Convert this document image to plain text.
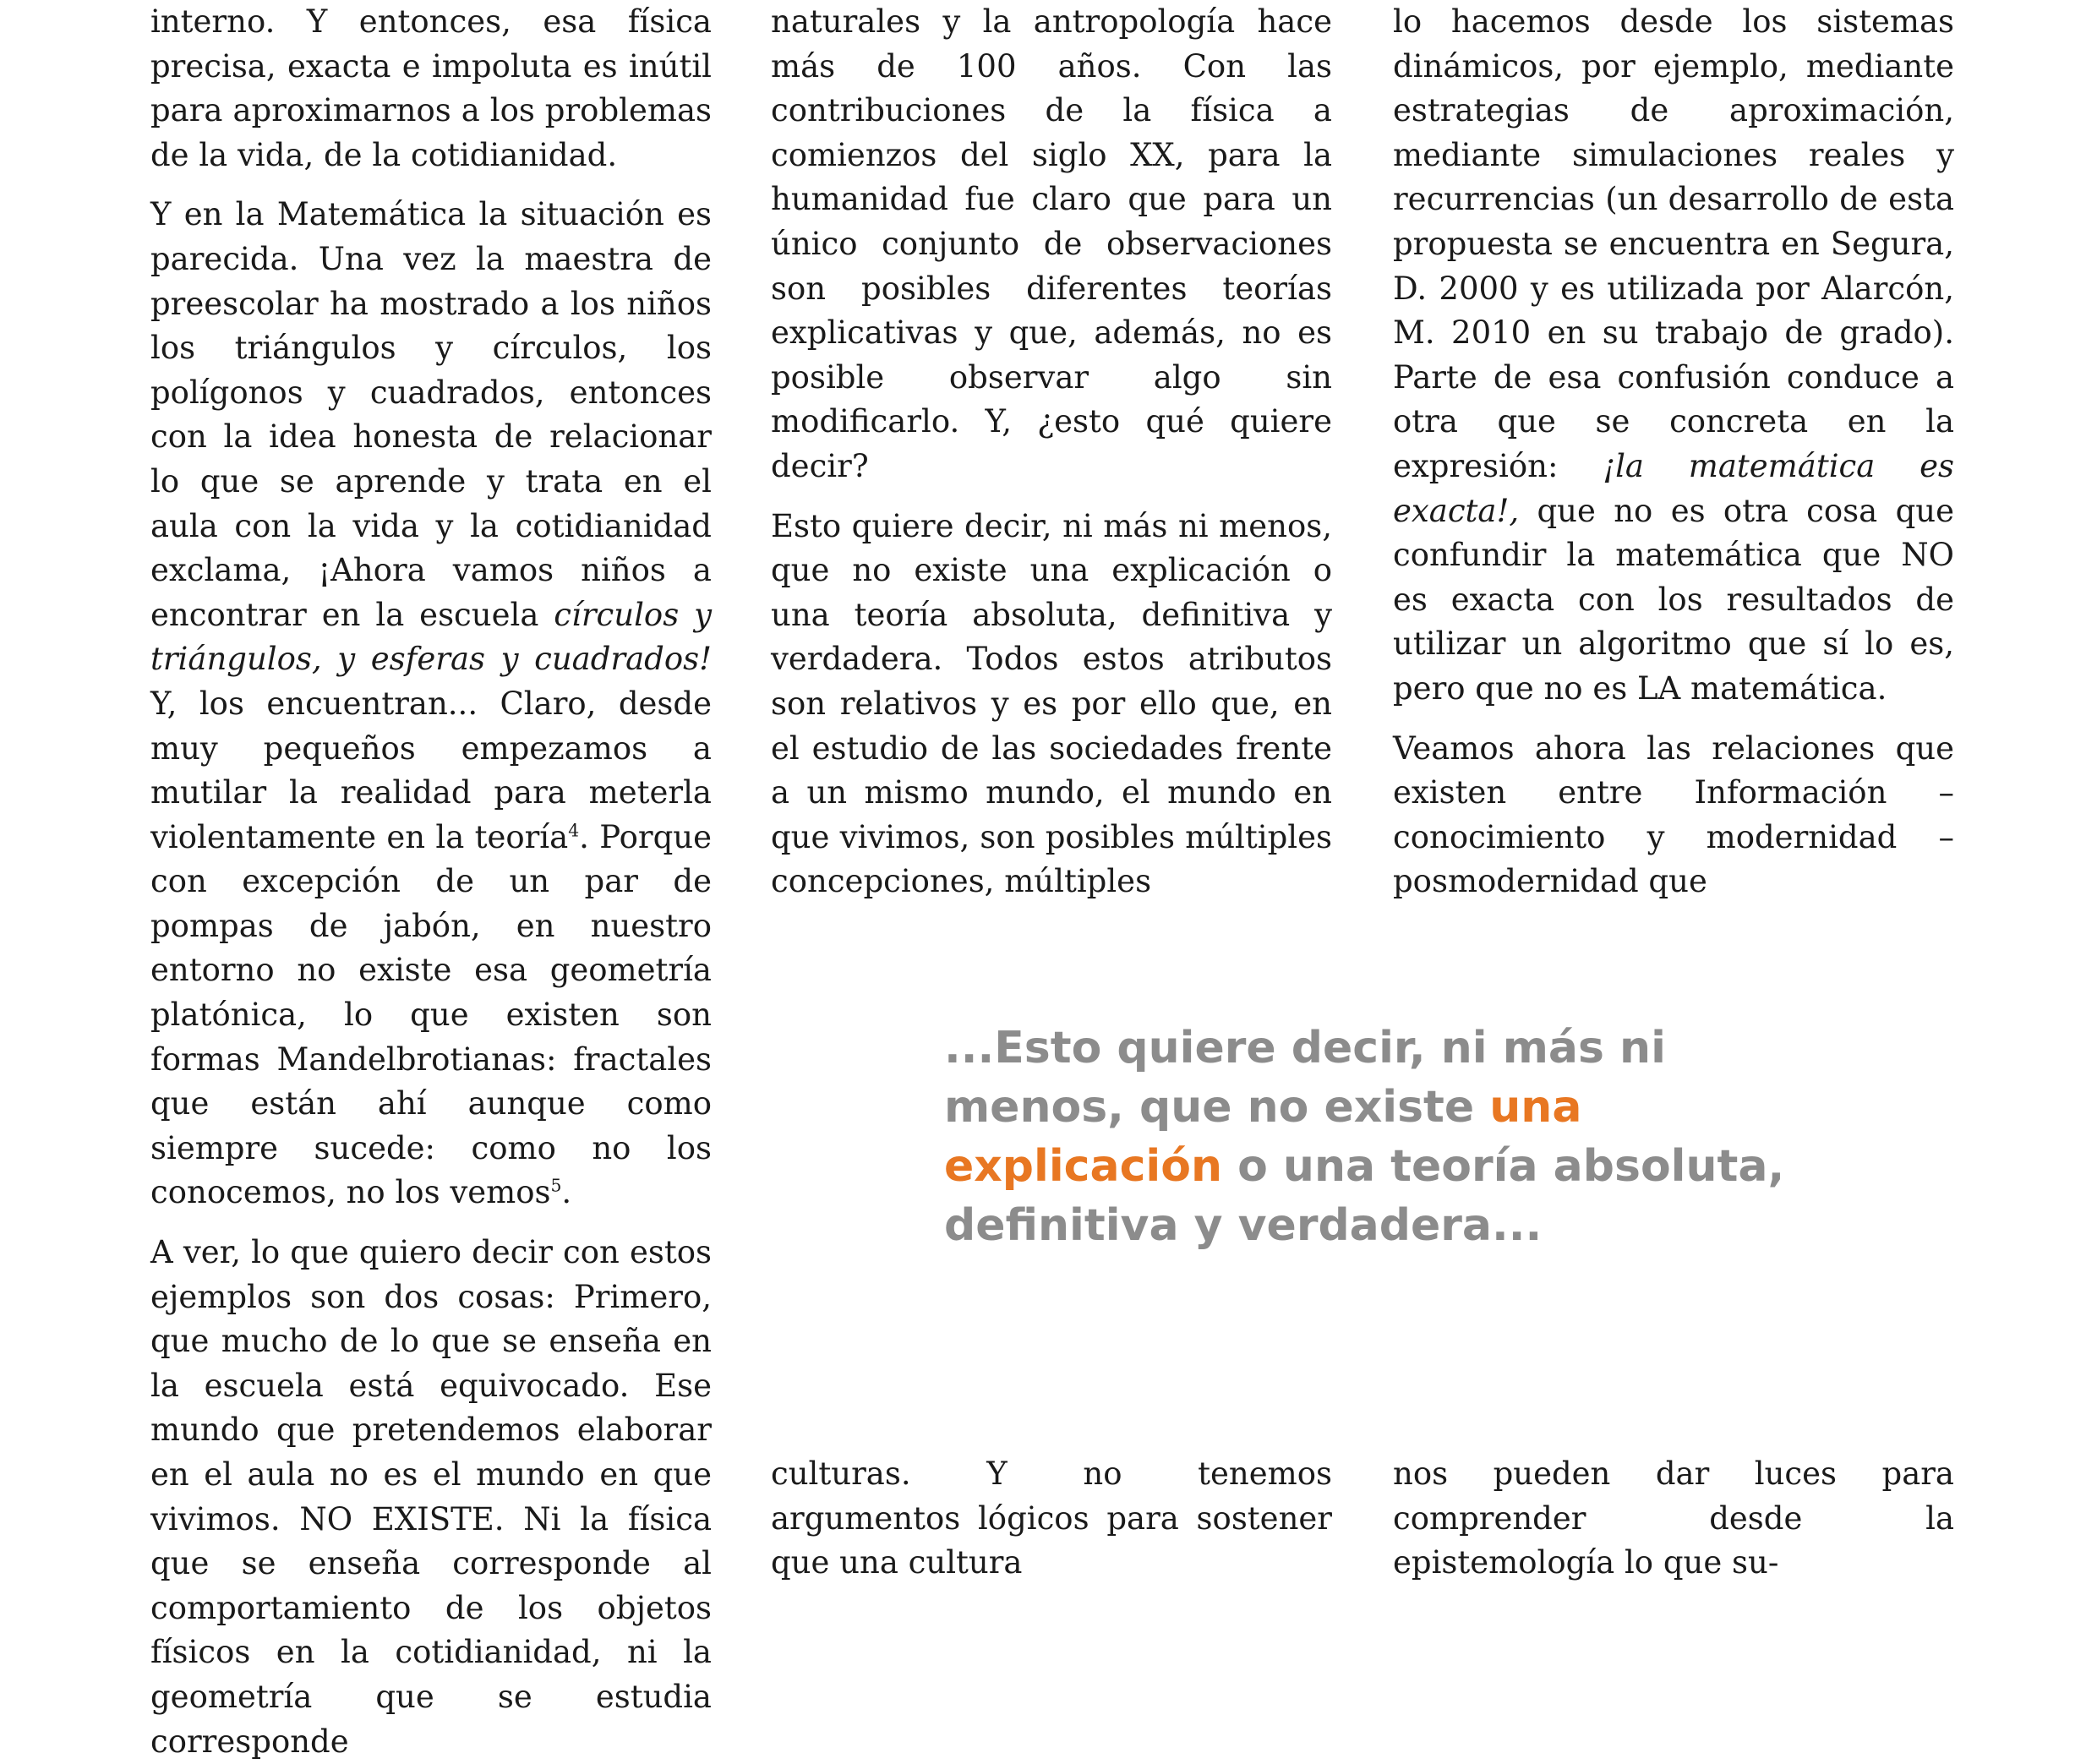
interno. Y entonces, esa física precisa, exacta e impoluta es inútil para aproximarnos a los problemas de la vida, de la cotidianidad.

Y en la Matemática la situación es parecida. Una vez la maestra de preescolar ha mostrado a los niños los triángulos y círculos, los polígonos y cuadrados, entonces con la idea honesta de relacionar lo que se aprende y trata en el aula con la vida y la cotidianidad exclama, ¡Ahora vamos niños a encontrar en la escuela círculos y triángulos, y esferas y cuadrados! Y, los encuentran... Claro, desde muy pequeños empezamos a mutilar la realidad para meterla violentamente en la teoría$^4$. Porque con excepción de un par de pompas de jabón, en nuestro entorno no existe esa geometría platónica, lo que existen son formas Mandelbrotianas: fractales que están ahí aunque como siempre sucede: como no los conocemos, no los vemos$^5$.

A ver, lo que quiero decir con estos ejemplos son dos cosas: Primero, que mucho de lo que se enseña en la escuela está equivocado. Ese mundo que pretendemos elaborar en el aula no es el mundo en que vivimos. NO EXISTE. Ni la física que se enseña corresponde al comportamiento de los objetos físicos en la cotidianidad, ni la geometría que se estudia corresponde

naturales y la antropología hace más de 100 años. Con las contribuciones de la física a comienzos del siglo XX, para la humanidad fue claro que para un único conjunto de observaciones son posibles diferentes teorías explicativas y que, además, no es posible observar algo sin modificarlo. Y, ¿esto qué quiere decir?

Esto quiere decir, ni más ni menos, que no existe una explicación o una teoría absoluta, definitiva y verdadera. Todos estos atributos son relativos y es por ello que, en el estudio de las sociedades frente a un mismo mundo, el mundo en que vivimos, son posibles múltiples concepciones, múltiples

lo hacemos desde los sistemas dinámicos, por ejemplo, mediante estrategias de aproximación, mediante simulaciones reales y recurrencias (un desarrollo de esta propuesta se encuentra en Segura, D. 2000 y es utilizada por Alarcón, M. 2010 en su trabajo de grado). Parte de esa confusión conduce a otra que se concreta en la expresión: ¡la matemática es exacta!, que no es otra cosa que confundir la matemática que NO es exacta con los resultados de utilizar un algoritmo que sí lo es, pero que no es LA matemática.

Veamos ahora las relaciones que existen entre Información – conocimiento y modernidad – posmodernidad que

...Esto quiere decir, ni más ni menos, que no existe una explicación o una teoría absoluta, definitiva y verdadera...

culturas. Y no tenemos argumentos lógicos para sostener que una cultura

nos pueden dar luces para comprender desde la epistemología lo que su-
